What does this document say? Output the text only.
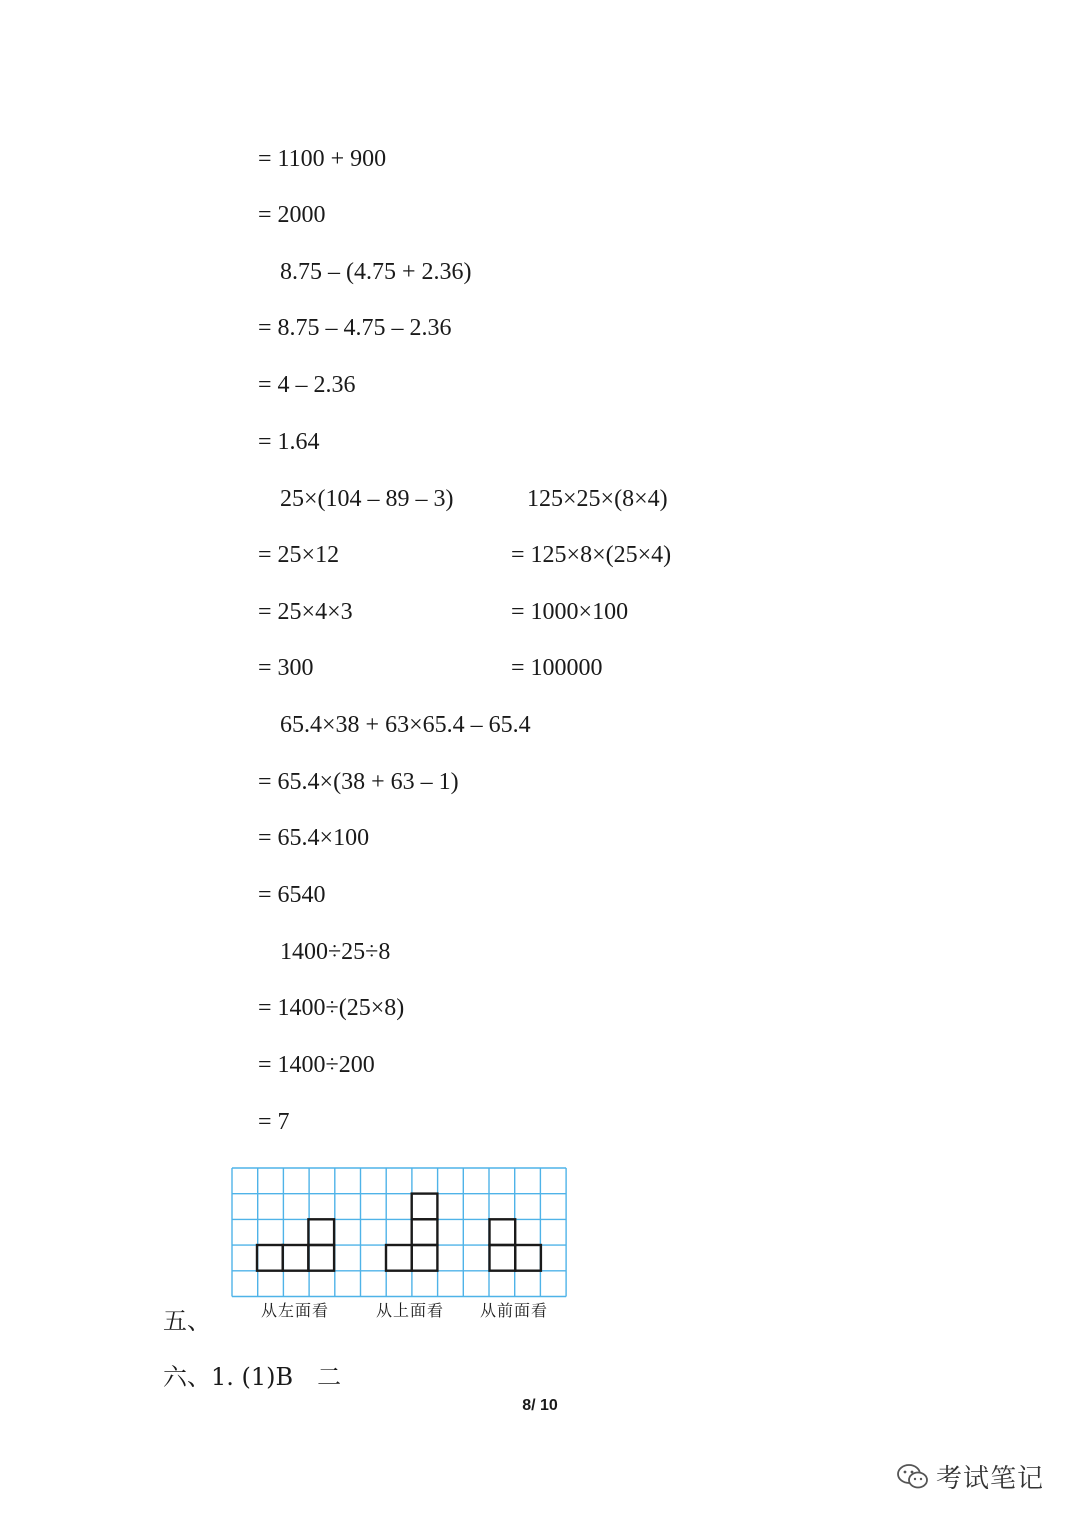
= 1100 + 900
= 2000
8.75 – (4.75 + 2.36)
= 8.75 – 4.75 – 2.36
= 4 – 2.36
= 1.64
25×(104 – 89 – 3)	125×25×(8×4)
= 25×12	= 125×8×(25×4)
= 25×4×3	= 1000×100
= 300	= 100000
65.4×38 + 63×65.4 – 65.4
= 65.4×(38 + 63 – 1)
= 65.4×100
= 6540
1400÷25÷8
= 1400÷(25×8)
= 1400÷200
= 7
从左面看	从上面看 从前面看
五、
六、1. (1)B　二
8/ 10
考试笔记
